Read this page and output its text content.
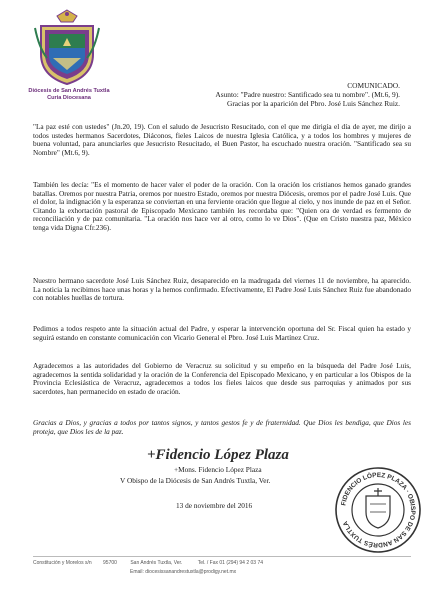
Diócesis de San Andrés Tuxtla
Curia Diocesana
COMUNICADO.
Asunto: "Padre nuestro: Santificado sea tu nombre". (Mt.6, 9).
Gracias por la aparición del Pbro. José Luis Sánchez Ruiz.
"La paz esté con ustedes" (Jn.20, 19). Con el saludo de Jesucristo Resucitado, con el que me dirigía el día de ayer, me dirijo a todos ustedes hermanos Sacerdotes, Diáconos, fieles Laicos de nuestra Iglesia Católica, y a todos los hombres y mujeres de buena voluntad, para anunciarles que Jesucristo Resucitado, el Buen Pastor, ha escuchado nuestra oración. "Santificado sea su Nombre" (Mt.6, 9).
También les decía: "Es el momento de hacer valer el poder de la oración. Con la oración los cristianos hemos ganado grandes batallas. Oremos por nuestra Patria, oremos por nuestro Estado, oremos por nuestra Diócesis, oremos por el padre José Luis. Que el dolor, la indignación y la esperanza se conviertan en una ferviente oración que llegue al cielo, y nos inunde de paz en el Señor. Citando la exhortación pastoral de Episcopado Mexicano también les recordaba que: "Quien ora de verdad es fermento de reconciliación y de paz comunitaria. "La oración nos hace ver al otro, como lo ve Dios". (Que en Cristo nuestra paz, México tenga vida Digna Cfr.236).
Nuestro hermano sacerdote José Luis Sánchez Ruiz, desaparecido en la madrugada del viernes 11 de noviembre, ha aparecido. La noticia la recibimos hace unas horas y la hemos confirmado. Efectivamente, El Padre José Luis Sánchez Ruiz fue abandonado con notables huellas de tortura.
Pedimos a todos respeto ante la situación actual del Padre, y esperar la intervención oportuna del Sr. Fiscal quien ha estado y seguirá estando en constante comunicación con Vicario General el Pbro. José Luis Martínez Cruz.
Agradecemos a las autoridades del Gobierno de Veracruz su solicitud y su empeño en la búsqueda del Padre José Luis, agradecemos la sentida solidaridad y la oración de la Conferencia del Episcopado Mexicano, y en particular a los Obispos de la Provincia Eclesiástica de Veracruz, agradecemos a todos los fieles laicos que desde sus parroquias y animados por sus sacerdotes, han permanecido en estado de oración.
Gracias a Dios, y gracias a todos por tantos signos, y tantos gestos fe y de fraternidad. Que Dios les bendiga, que Dios les proteja, que Dios les de la paz.
+Fidencio López Plaza
+Mons. Fidencio López Plaza
V Obispo de la Diócesis de San Andrés Tuxtla, Ver.
13 de noviembre del 2016	FIDENCIO LÓPEZ PLAZA · OBISPO DE SAN ANDRÉS TUXTLA
Constitución y Morelos s/n 95700	San Andrés Tuxtla, Ver.	Tel. / Fax 01 (294) 94 2 03 74
Email: diocesissanandrestuxtla@prodigy.net.mx
